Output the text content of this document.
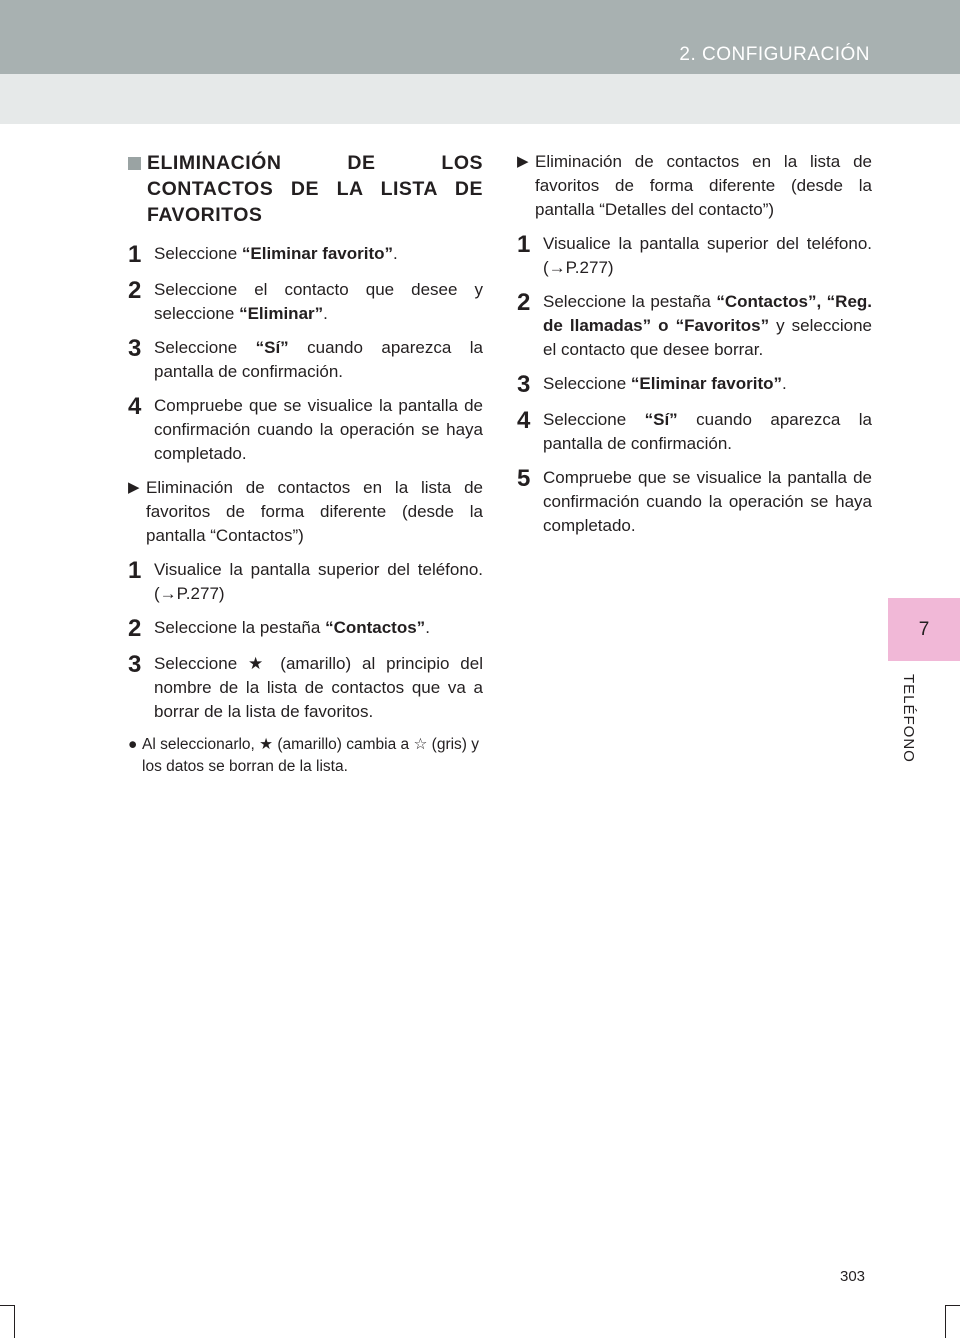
2. CONFIGURACIÓN
7
TELÉFONO
ELIMINACIÓN DE LOS CONTACTOS DE LA LISTA DE FAVORITOS
1 Seleccione “Eliminar favorito”.
2 Seleccione el contacto que desee y seleccione “Eliminar”.
3 Seleccione “Sí” cuando aparezca la pantalla de confirmación.
4 Compruebe que se visualice la pantalla de confirmación cuando la operación se haya completado.
▶ Eliminación de contactos en la lista de favoritos de forma diferente (desde la pantalla “Contactos”)
1 Visualice la pantalla superior del teléfono. (→P.277)
2 Seleccione la pestaña “Contactos”.
3 Seleccione ★ (amarillo) al principio del nombre de la lista de contactos que va a borrar de la lista de favoritos.
● Al seleccionarlo, ★ (amarillo) cambia a ☆ (gris) y los datos se borran de la lista.
▶ Eliminación de contactos en la lista de favoritos de forma diferente (desde la pantalla “Detalles del contacto”)
1 Visualice la pantalla superior del teléfono. (→P.277)
2 Seleccione la pestaña “Contactos”, “Reg. de llamadas” o “Favoritos” y seleccione el contacto que desee borrar.
3 Seleccione “Eliminar favorito”.
4 Seleccione “Sí” cuando aparezca la pantalla de confirmación.
5 Compruebe que se visualice la pantalla de confirmación cuando la operación se haya completado.
303
